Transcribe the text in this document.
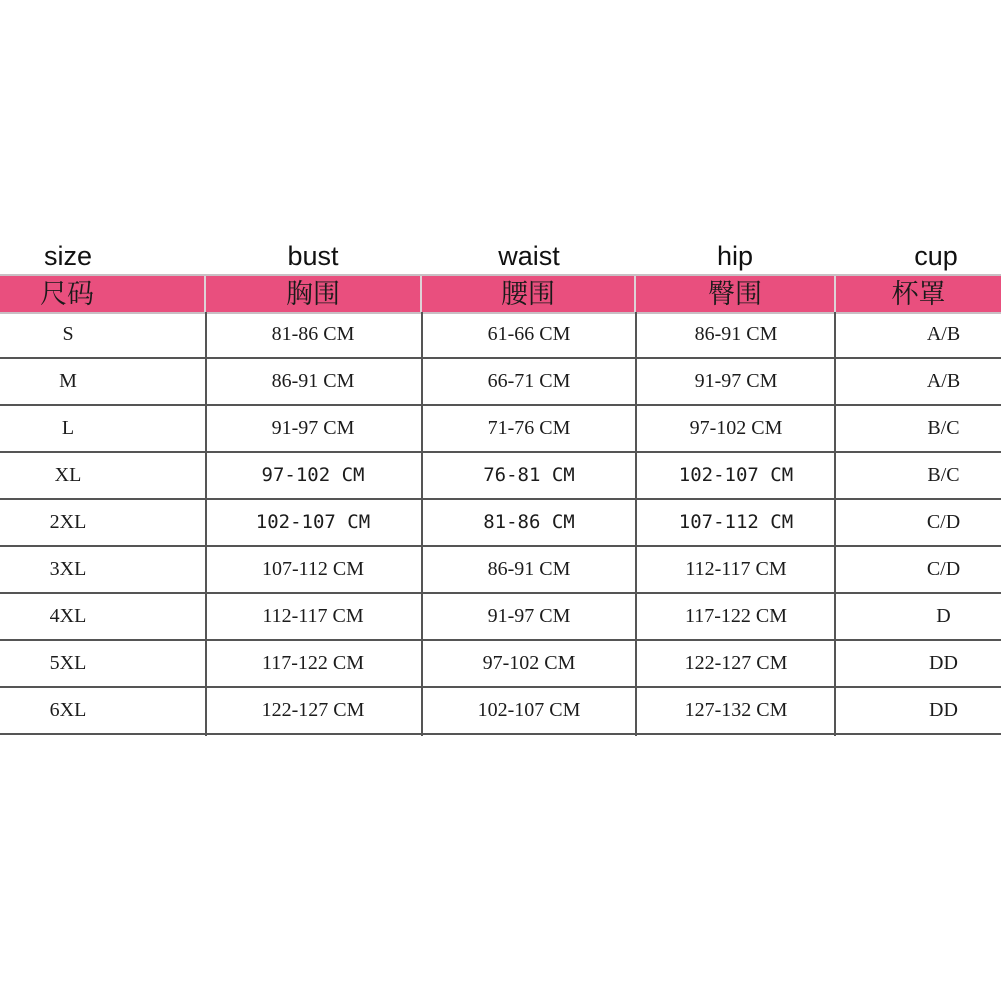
size	bust	waist	hip	cup
尺码	胸围	腰围	臀围	杯罩
S	81-86 CM	61-66 CM	86-91 CM	A/B
M	86-91 CM	66-71 CM	91-97 CM	A/B
L	91-97 CM	71-76 CM	97-102 CM	B/C
XL	97-102 CM	76-81 CM	102-107 CM	B/C
2XL	102-107 CM	81-86 CM	107-112 CM	C/D
3XL	107-112 CM	86-91 CM	112-117 CM	C/D
4XL	112-117 CM	91-97 CM	117-122 CM	D
5XL	117-122 CM	97-102 CM	122-127 CM	DD
6XL	122-127 CM	102-107 CM	127-132 CM	DD
